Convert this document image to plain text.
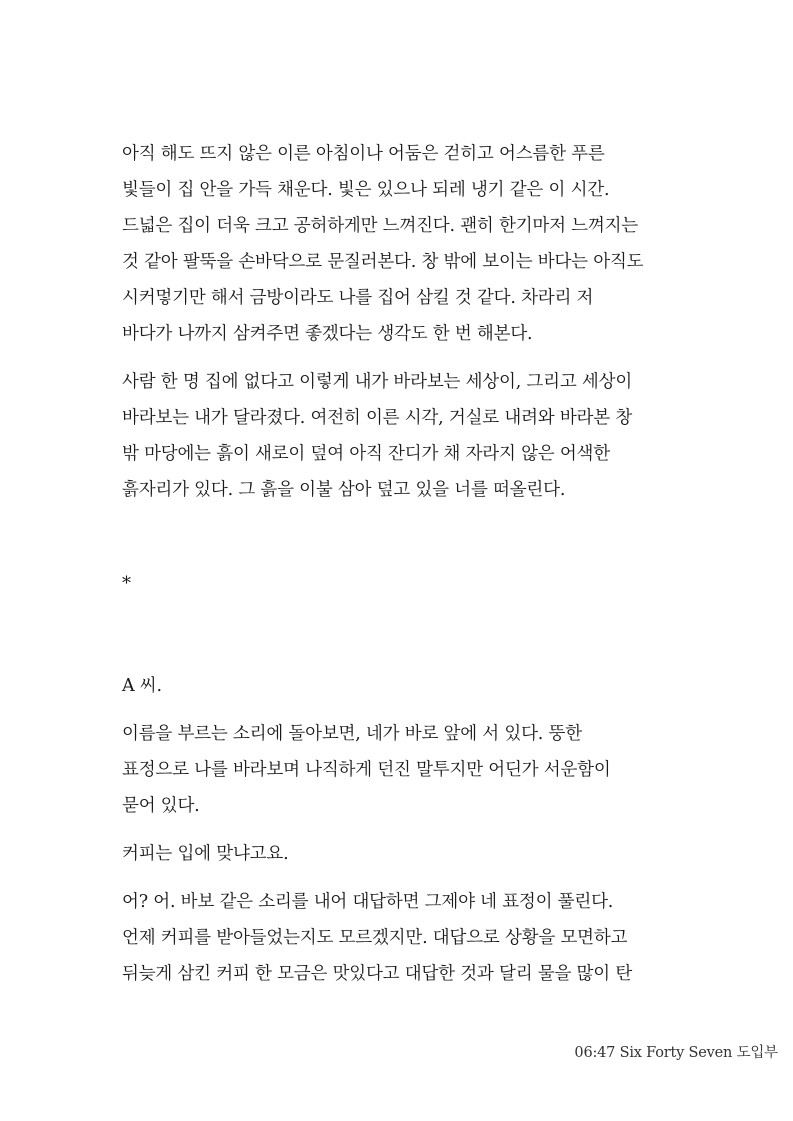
아직 해도 뜨지 않은 이른 아침이나 어둠은 걷히고 어스름한 푸른
빛들이 집 안을 가득 채운다. 빛은 있으나 되레 냉기 같은 이 시간.
드넓은 집이 더욱 크고 공허하게만 느껴진다. 괜히 한기마저 느껴지는
것 같아 팔뚝을 손바닥으로 문질러본다. 창 밖에 보이는 바다는 아직도
시커멓기만 해서 금방이라도 나를 집어 삼킬 것 같다. 차라리 저
바다가 나까지 삼켜주면 좋겠다는 생각도 한 번 해본다.
사람 한 명 집에 없다고 이렇게 내가 바라보는 세상이, 그리고 세상이
바라보는 내가 달라졌다. 여전히 이른 시각, 거실로 내려와 바라본 창
밖 마당에는 흙이 새로이 덮여 아직 잔디가 채 자라지 않은 어색한
흙자리가 있다. 그 흙을 이불 삼아 덮고 있을 너를 떠올린다.
*
A 씨.
이름을 부르는 소리에 돌아보면, 네가 바로 앞에 서 있다. 뚱한
표정으로 나를 바라보며 나직하게 던진 말투지만 어딘가 서운함이
묻어 있다.
커피는 입에 맞냐고요.
어? 어. 바보 같은 소리를 내어 대답하면 그제야 네 표정이 풀린다.
언제 커피를 받아들었는지도 모르겠지만. 대답으로 상황을 모면하고
뒤늦게 삼킨 커피 한 모금은 맛있다고 대답한 것과 달리 물을 많이 탄
06:47 Six Forty Seven 도입부
